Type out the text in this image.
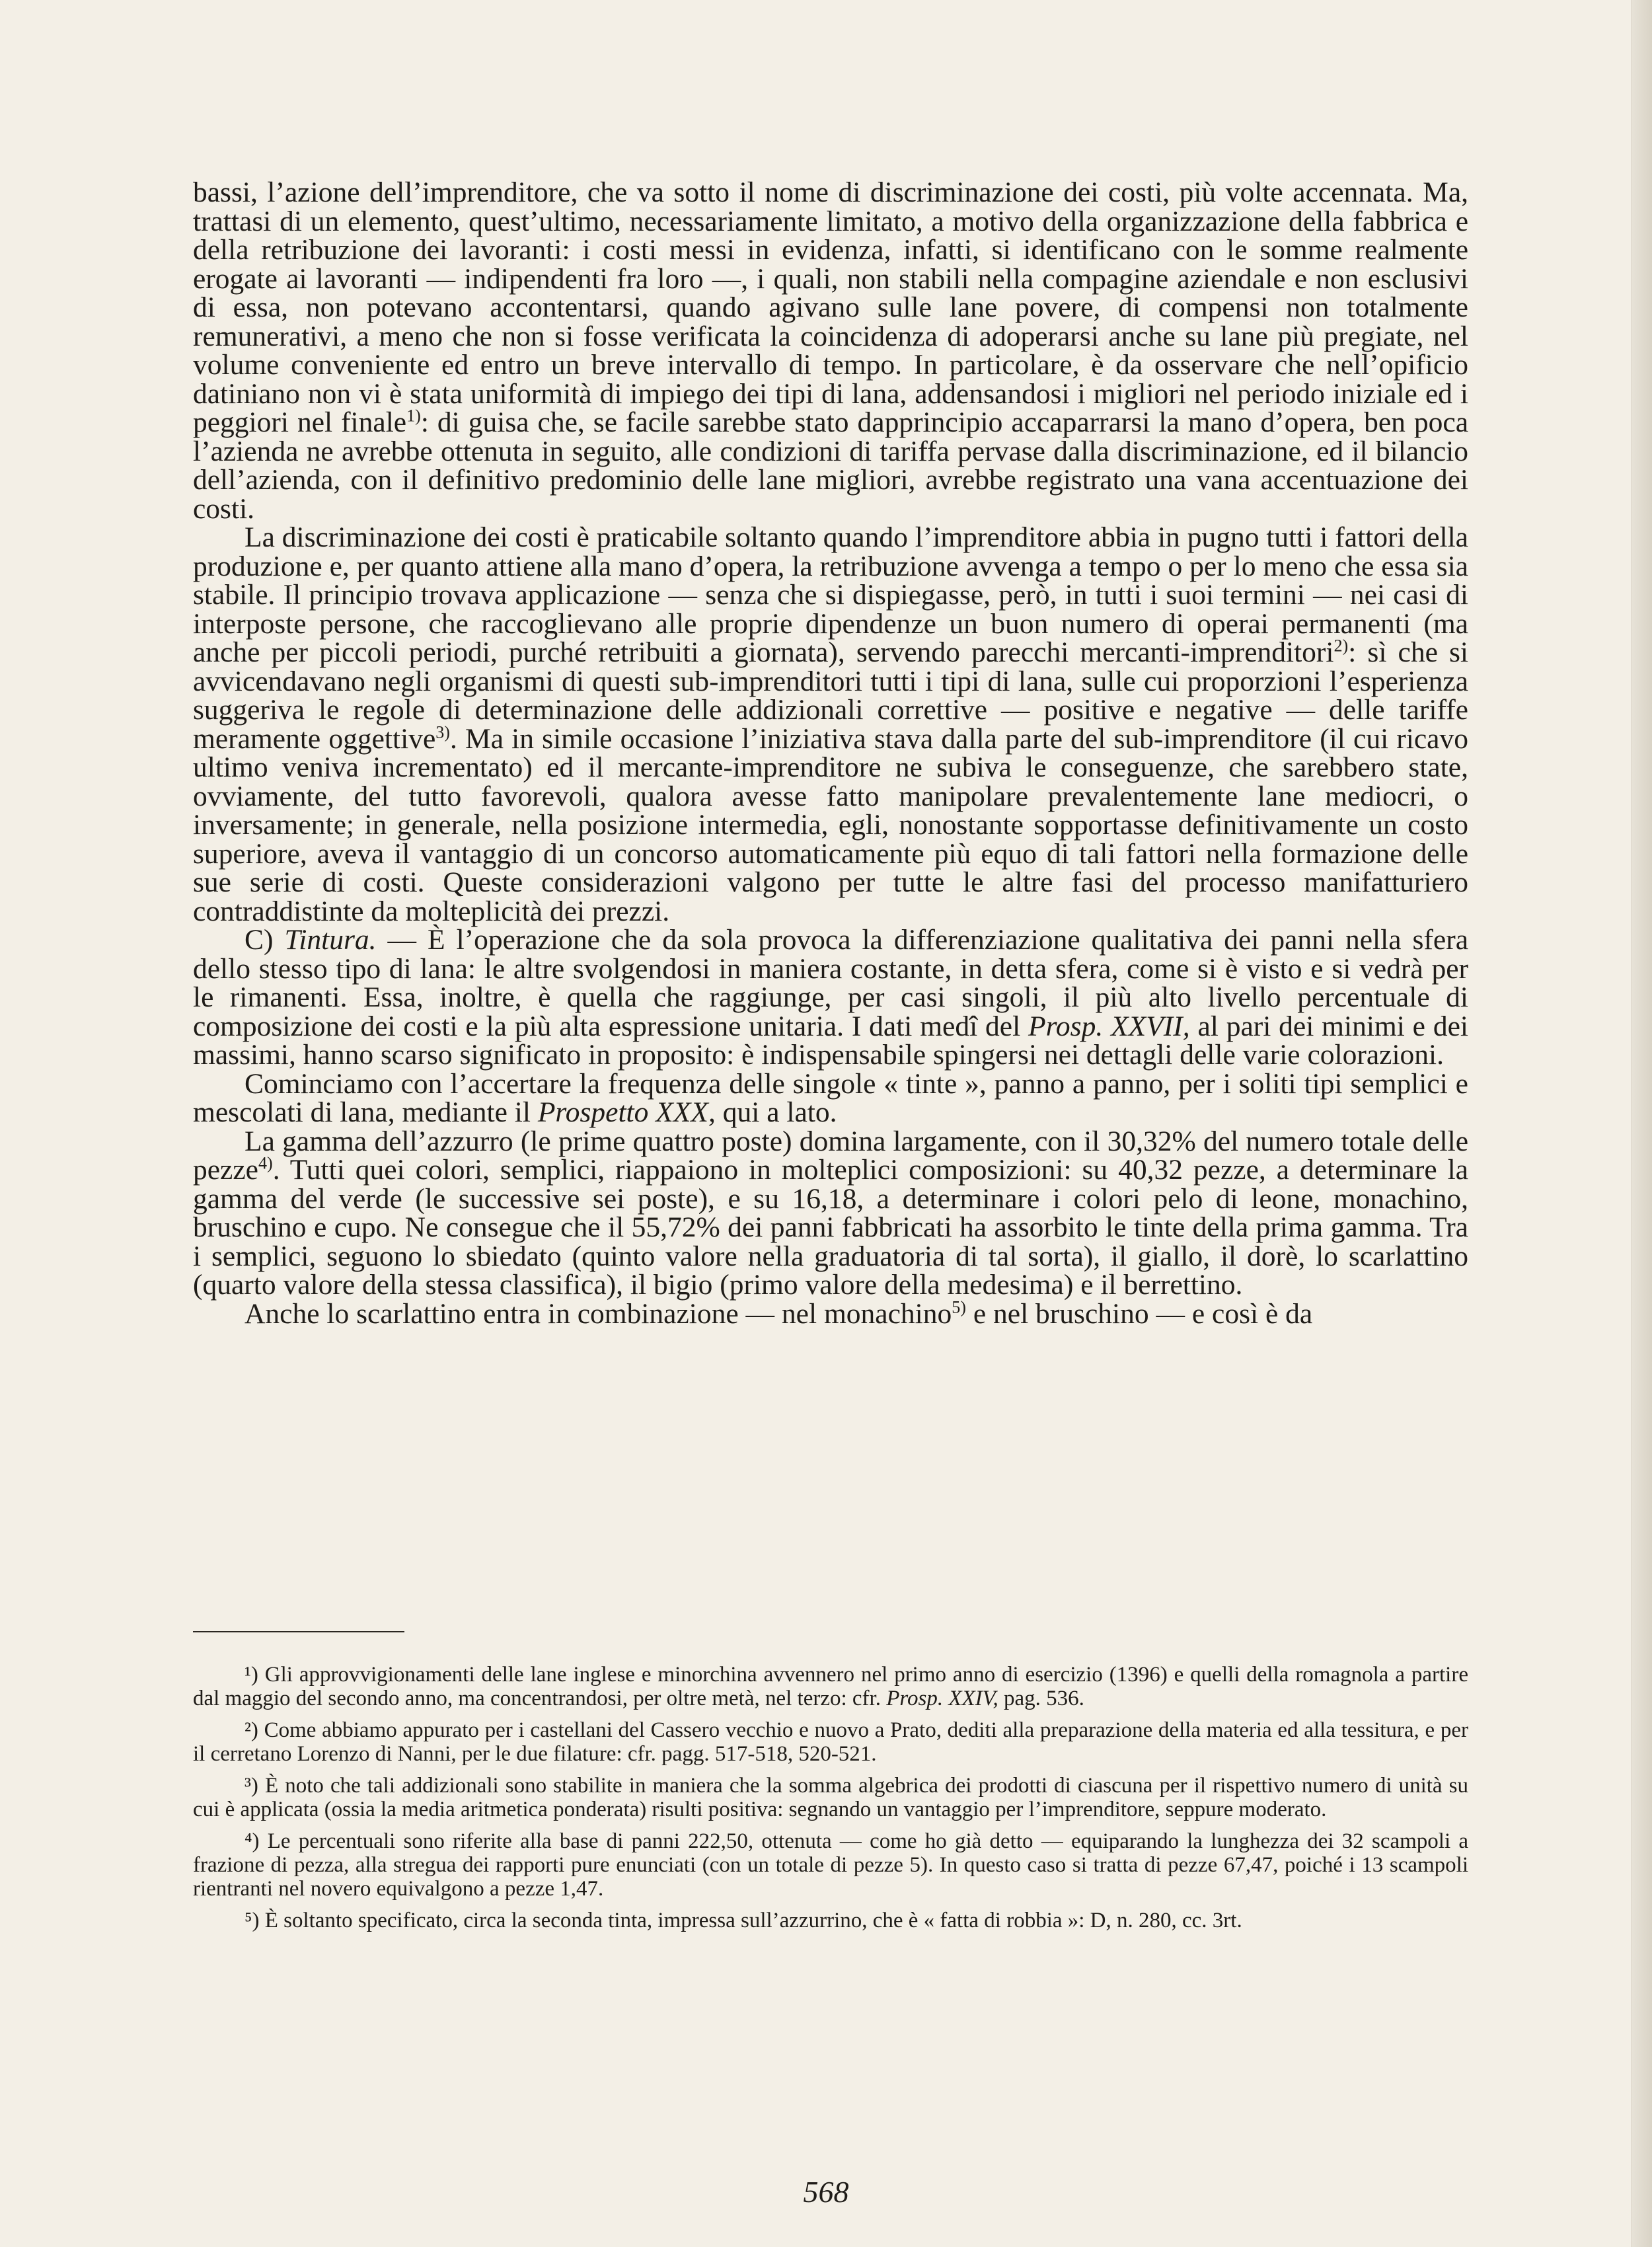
bassi, l’azione dell’imprenditore, che va sotto il nome di discriminazione dei costi, più volte accennata. Ma, trattasi di un elemento, quest’ultimo, necessariamente limitato, a motivo della organizzazione della fabbrica e della retribuzione dei lavoranti: i costi messi in evidenza, infatti, si identificano con le somme realmente erogate ai lavoranti — indipendenti fra loro —, i quali, non stabili nella compagine aziendale e non esclusivi di essa, non potevano accontentarsi, quando agivano sulle lane povere, di compensi non totalmente remunerativi, a meno che non si fosse verificata la coincidenza di adoperarsi anche su lane più pregiate, nel volume conveniente ed entro un breve intervallo di tempo. In particolare, è da osservare che nell’opificio datiniano non vi è stata uniformità di impiego dei tipi di lana, addensandosi i migliori nel periodo iniziale ed i peggiori nel finale$^{1)}$: di guisa che, se facile sarebbe stato dapprincipio accaparrarsi la mano d’opera, ben poca l’azienda ne avrebbe ottenuta in seguito, alle condizioni di tariffa pervase dalla discriminazione, ed il bilancio dell’azienda, con il definitivo predominio delle lane migliori, avrebbe registrato una vana accentuazione dei costi.

La discriminazione dei costi è praticabile soltanto quando l’imprenditore abbia in pugno tutti i fattori della produzione e, per quanto attiene alla mano d’opera, la retribuzione avvenga a tempo o per lo meno che essa sia stabile. Il principio trovava applicazione — senza che si dispiegasse, però, in tutti i suoi termini — nei casi di interposte persone, che raccoglievano alle proprie dipendenze un buon numero di operai permanenti (ma anche per piccoli periodi, purché retribuiti a giornata), servendo parecchi mercanti-imprenditori$^{2)}$: sì che si avvicendavano negli organismi di questi sub-imprenditori tutti i tipi di lana, sulle cui proporzioni l’esperienza suggeriva le regole di determinazione delle addizionali correttive — positive e negative — delle tariffe meramente oggettive$^{3)}$. Ma in simile occasione l’iniziativa stava dalla parte del sub-imprenditore (il cui ricavo ultimo veniva incrementato) ed il mercante-imprenditore ne subiva le conseguenze, che sarebbero state, ovviamente, del tutto favorevoli, qualora avesse fatto manipolare prevalentemente lane mediocri, o inversamente; in generale, nella posizione intermedia, egli, nonostante sopportasse definitivamente un costo superiore, aveva il vantaggio di un concorso automaticamente più equo di tali fattori nella formazione delle sue serie di costi. Queste considerazioni valgono per tutte le altre fasi del processo manifatturiero contraddistinte da molteplicità dei prezzi.

C) Tintura. — È l’operazione che da sola provoca la differenziazione qualitativa dei panni nella sfera dello stesso tipo di lana: le altre svolgendosi in maniera costante, in detta sfera, come si è visto e si vedrà per le rimanenti. Essa, inoltre, è quella che raggiunge, per casi singoli, il più alto livello percentuale di composizione dei costi e la più alta espressione unitaria. I dati medî del Prosp. XXVII, al pari dei minimi e dei massimi, hanno scarso significato in proposito: è indispensabile spingersi nei dettagli delle varie colorazioni.

Cominciamo con l’accertare la frequenza delle singole « tinte », panno a panno, per i soliti tipi semplici e mescolati di lana, mediante il Prospetto XXX, qui a lato.

La gamma dell’azzurro (le prime quattro poste) domina largamente, con il 30,32% del numero totale delle pezze$^{4)}$. Tutti quei colori, semplici, riappaiono in molteplici composizioni: su 40,32 pezze, a determinare la gamma del verde (le successive sei poste), e su 16,18, a determinare i colori pelo di leone, monachino, bruschino e cupo. Ne consegue che il 55,72% dei panni fabbricati ha assorbito le tinte della prima gamma. Tra i semplici, seguono lo sbiedato (quinto valore nella graduatoria di tal sorta), il giallo, il dorè, lo scarlattino (quarto valore della stessa classifica), il bigio (primo valore della medesima) e il berrettino.

Anche lo scarlattino entra in combinazione — nel monachino$^{5)}$ e nel bruschino — e così è da

¹) Gli approvvigionamenti delle lane inglese e minorchina avvennero nel primo anno di esercizio (1396) e quelli della romagnola a partire dal maggio del secondo anno, ma concentrandosi, per oltre metà, nel terzo: cfr. Prosp. XXIV, pag. 536.

²) Come abbiamo appurato per i castellani del Cassero vecchio e nuovo a Prato, dediti alla preparazione della materia ed alla tessitura, e per il cerretano Lorenzo di Nanni, per le due filature: cfr. pagg. 517-518, 520-521.

³) È noto che tali addizionali sono stabilite in maniera che la somma algebrica dei prodotti di ciascuna per il rispettivo numero di unità su cui è applicata (ossia la media aritmetica ponderata) risulti positiva: segnando un vantaggio per l’imprenditore, seppure moderato.

⁴) Le percentuali sono riferite alla base di panni 222,50, ottenuta — come ho già detto — equiparando la lunghezza dei 32 scampoli a frazione di pezza, alla stregua dei rapporti pure enunciati (con un totale di pezze 5). In questo caso si tratta di pezze 67,47, poiché i 13 scampoli rientranti nel novero equivalgono a pezze 1,47.

⁵) È soltanto specificato, circa la seconda tinta, impressa sull’azzurrino, che è « fatta di robbia »: D, n. 280, cc. 3rt.

568
